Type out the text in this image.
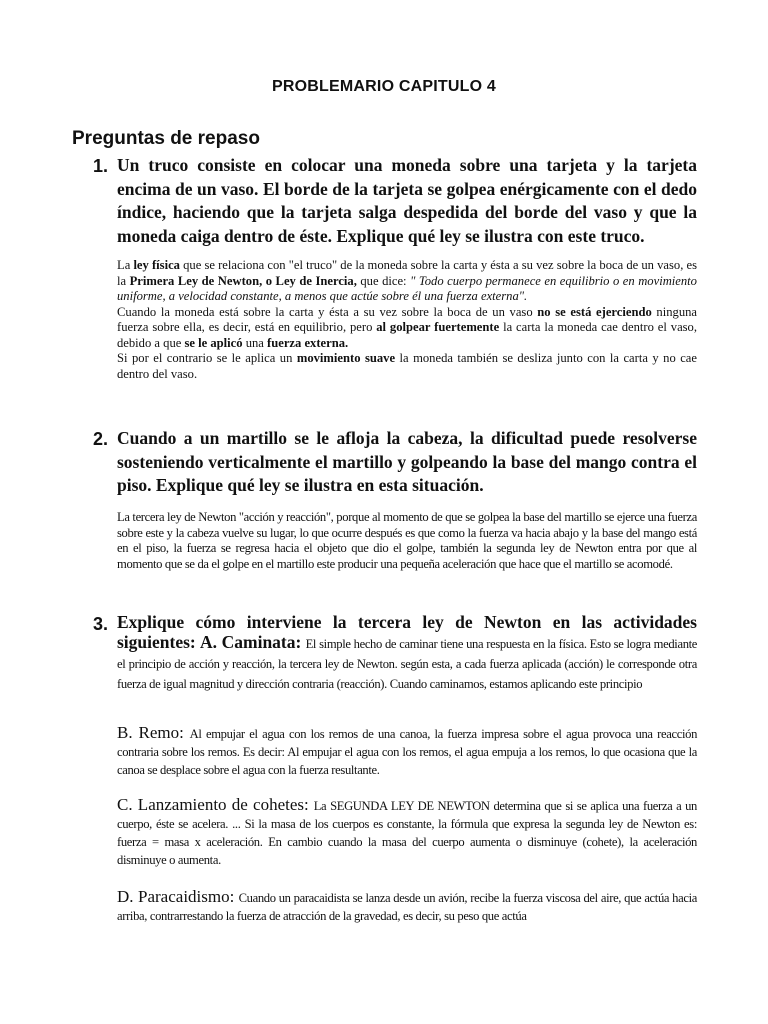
PROBLEMARIO CAPITULO 4
Preguntas de repaso
1. Un truco consiste en colocar una moneda sobre una tarjeta y la tarjeta encima de un vaso. El borde de la tarjeta se golpea enérgicamente con el dedo índice, haciendo que la tarjeta salga despedida del borde del vaso y que la moneda caiga dentro de éste. Explique qué ley se ilustra con este truco.

La ley física que se relaciona con "el truco" de la moneda sobre la carta y ésta a su vez sobre la boca de un vaso, es la Primera Ley de Newton, o Ley de Inercia, que dice: " Todo cuerpo permanece en equilibrio o en movimiento uniforme, a velocidad constante, a menos que actúe sobre él una fuerza externa".

Cuando la moneda está sobre la carta y ésta a su vez sobre la boca de un vaso no se está ejerciendo ninguna fuerza sobre ella, es decir, está en equilibrio, pero al golpear fuertemente la carta la moneda cae dentro el vaso, debido a que se le aplicó una fuerza externa.

Si por el contrario se le aplica un movimiento suave la moneda también se desliza junto con la carta y no cae dentro del vaso.

2. Cuando a un martillo se le afloja la cabeza, la dificultad puede resolverse sosteniendo verticalmente el martillo y golpeando la base del mango contra el piso. Explique qué ley se ilustra en esta situación.
La tercera ley de Newton "acción y reacción", porque al momento de que se golpea la base del martillo se ejerce una fuerza sobre este y la cabeza vuelve su lugar, lo que ocurre después es que como la fuerza va hacia abajo y la base del mango está en el piso, la fuerza se regresa hacia el objeto que dio el golpe, también la segunda ley de Newton entra por que al momento que se da el golpe en el martillo este producir una pequeña aceleración que hace que el martillo se acomodé.
3. Explique cómo interviene la tercera ley de Newton en las actividades siguientes: A. Caminata: El simple hecho de caminar tiene una respuesta en la física. Esto se logra mediante el principio de acción y reacción, la tercera ley de Newton. según esta, a cada fuerza aplicada (acción) le corresponde otra fuerza de igual magnitud y dirección contraria (reacción). Cuando caminamos, estamos aplicando este principio
B. Remo: Al empujar el agua con los remos de una canoa, la fuerza impresa sobre el agua provoca una reacción contraria sobre los remos. Es decir: Al empujar el agua con los remos, el agua empuja a los remos, lo que ocasiona que la canoa se desplace sobre el agua con la fuerza resultante.
C. Lanzamiento de cohetes: La SEGUNDA LEY DE NEWTON determina que si se aplica una fuerza a un cuerpo, éste se acelera. ... Si la masa de los cuerpos es constante, la fórmula que expresa la segunda ley de Newton es: fuerza = masa x aceleración. En cambio cuando la masa del cuerpo aumenta o disminuye (cohete), la aceleración disminuye o aumenta.
D. Paracaidismo: Cuando un paracaidista se lanza desde un avión, recibe la fuerza viscosa del aire, que actúa hacia arriba, contrarrestando la fuerza de atracción de la gravedad, es decir, su peso que actúa
